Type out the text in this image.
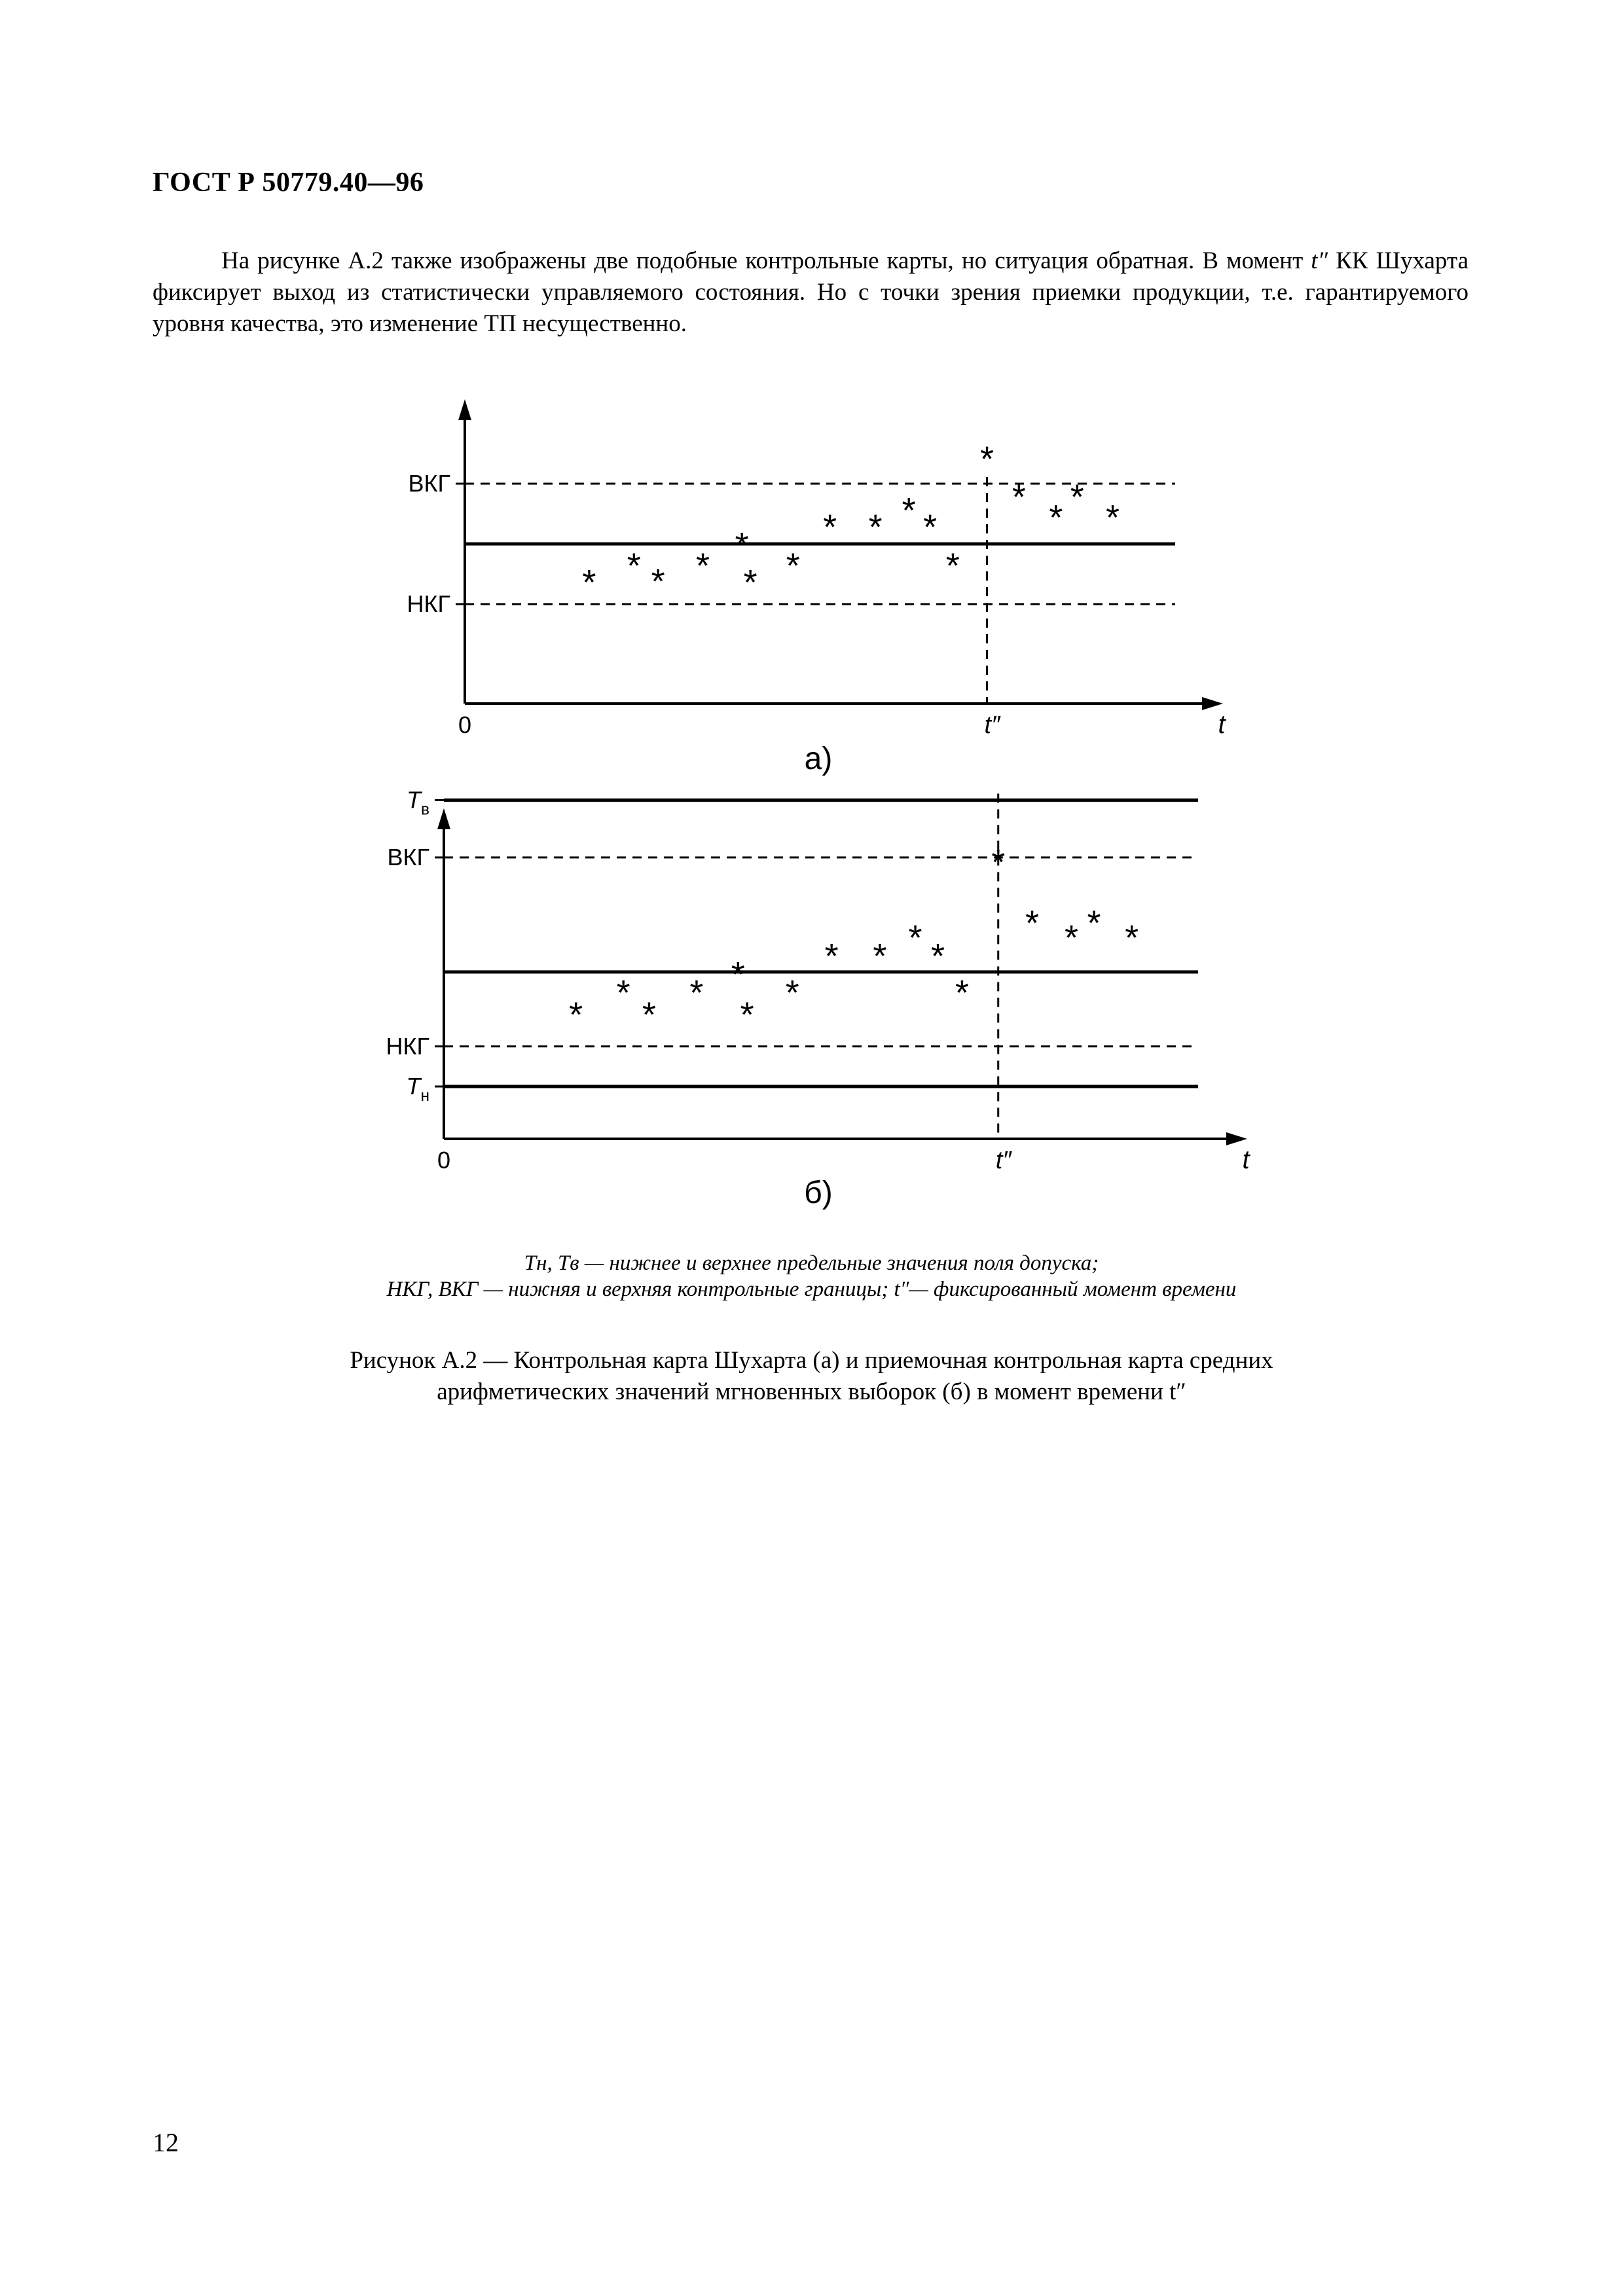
ГОСТ Р 50779.40—96
На рисунке А.2 также изображены две подобные контрольные карты, но ситуация обратная. В момент t″ КК Шухарта фиксирует выход из статистически управляемого состояния. Но с точки зрения приемки продукции, т.е. гарантируемого уровня качества, это изменение ТП несущественно.
ВКГ
НКГ
0	t″	t
* * * *
*
* *
* * * *
*
*
*
*
*
*
а)
$T_в$
ВКГ
НКГ
$T_н$
0	t″	t
*
*
*
* *
*
*
* * * *
*
*
* * * *
б)
Tн, Tв — нижнее и верхнее предельные значения поля допуска;
НКГ, ВКГ — нижняя и верхняя контрольные границы; t″— фиксированный момент времени
Рисунок А.2 — Контрольная карта Шухарта (а) и приемочная контрольная карта средних
арифметических значений мгновенных выборок (б) в момент времени t″
12
